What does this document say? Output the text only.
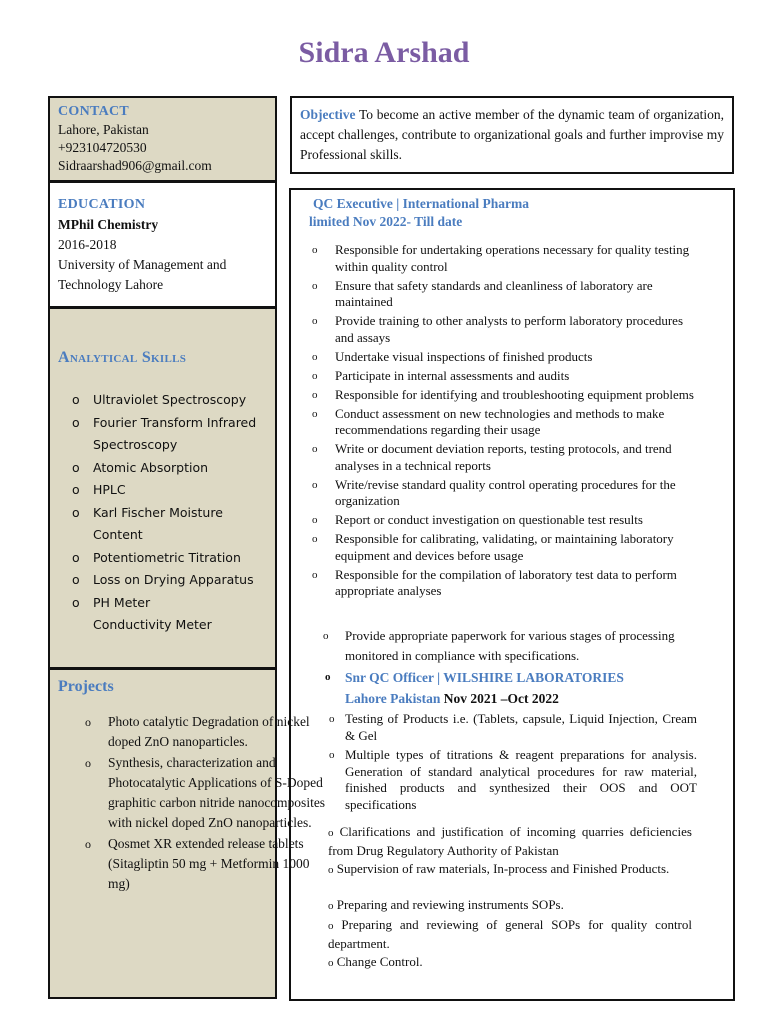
Sidra Arshad
CONTACT
Lahore, Pakistan
+923104720530
Sidraarshad906@gmail.com
EDUCATION
MPhil Chemistry
2016-2018
University of Management and Technology Lahore
Analytical Skills
o Ultraviolet Spectroscopy
o Fourier Transform Infrared Spectroscopy
o Atomic Absorption
o HPLC
o Karl Fischer Moisture Content
o Potentiometric Titration
o Loss on Drying Apparatus
o PH Meter
Conductivity Meter
Projects
o Photo catalytic Degradation of nickel doped ZnO nanoparticles.
o Synthesis, characterization and Photocatalytic Applications of S-Doped graphitic carbon nitride nanocomposites with nickel doped ZnO nanoparticles.
o Qosmet XR extended release tablets (Sitagliptin 50 mg + Metformin 1000 mg)
Objective To become an active member of the dynamic team of organization, accept challenges, contribute to organizational goals and further improvise my Professional skills.
QC Executive | International Pharma
limited Nov 2022- Till date
o Responsible for undertaking operations necessary for quality testing within quality control
o Ensure that safety standards and cleanliness of laboratory are maintained
o Provide training to other analysts to perform laboratory procedures and assays
o Undertake visual inspections of finished products
o Participate in internal assessments and audits
o Responsible for identifying and troubleshooting equipment problems
o Conduct assessment on new technologies and methods to make recommendations regarding their usage
o Write or document deviation reports, testing protocols, and trend analyses in a technical reports
o Write/revise standard quality control operating procedures for the organization
o Report or conduct investigation on questionable test results
o Responsible for calibrating, validating, or maintaining laboratory equipment and devices before usage
o Responsible for the compilation of laboratory test data to perform appropriate analyses
o	Provide appropriate paperwork for various stages of processing monitored in compliance with specifications.
o	Snr QC Officer | WILSHIRE LABORATORIES
Lahore Pakistan Nov 2021 –Oct 2022
o Testing of Products i.e. (Tablets, capsule, Liquid Injection, Cream & Gel
o Multiple types of titrations & reagent preparations for analysis. Generation of standard analytical procedures for raw material, finished products and synthesized their OOS and OOT specifications
o Clarifications and justification of incoming quarries deficiencies from Drug Regulatory Authority of Pakistan
o Supervision of raw materials, In-process and Finished Products.
o Preparing and reviewing instruments SOPs.
o Preparing and reviewing of general SOPs for quality control department.
o Change Control.
